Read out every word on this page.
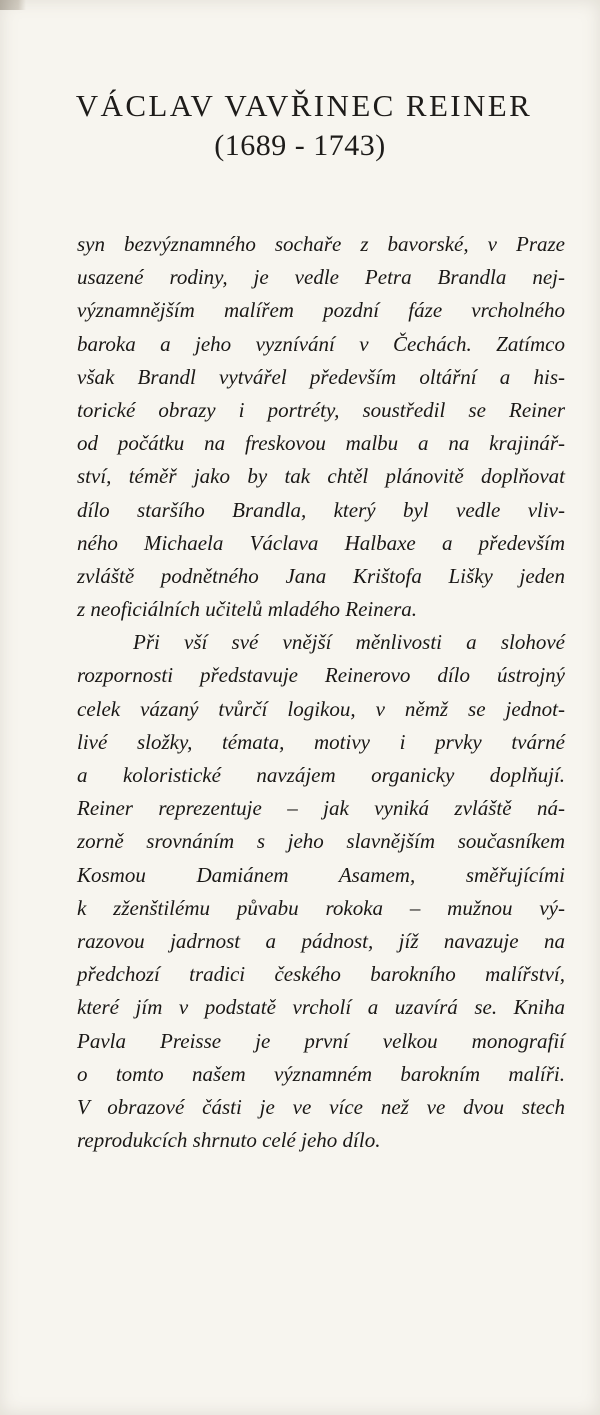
VÁCLAV VAVŘINEC REINER
(1689 - 1743)
syn bezvýznamného sochaře z bavorské, v Praze
usazené rodiny, je vedle Petra Brandla nej-
významnějším malířem pozdní fáze vrcholného
baroka a jeho vyznívání v Čechách. Zatímco
však Brandl vytvářel především oltářní a his-
torické obrazy i portréty, soustředil se Reiner
od počátku na freskovou malbu a na krajinář-
ství, téměř jako by tak chtěl plánovitě doplňovat
dílo staršího Brandla, který byl vedle vliv-
ného Michaela Václava Halbaxe a především
zvláště podnětného Jana Krištofa Lišky jeden
z neoficiálních učitelů mladého Reinera.
Při vší své vnější měnlivosti a slohové
rozpornosti představuje Reinerovo dílo ústrojný
celek vázaný tvůrčí logikou, v němž se jednot-
livé složky, témata, motivy i prvky tvárné
a koloristické navzájem organicky doplňují.
Reiner reprezentuje – jak vyniká zvláště ná-
zorně srovnáním s jeho slavnějším současníkem
Kosmou Damiánem Asamem, směřujícími
k zženštilému půvabu rokoka – mužnou vý-
razovou jadrnost a pádnost, jíž navazuje na
předchozí tradici českého barokního malířství,
které jím v podstatě vrcholí a uzavírá se. Kniha
Pavla Preisse je první velkou monografií
o tomto našem významném barokním malíři.
V obrazové části je ve více než ve dvou stech
reprodukcích shrnuto celé jeho dílo.
